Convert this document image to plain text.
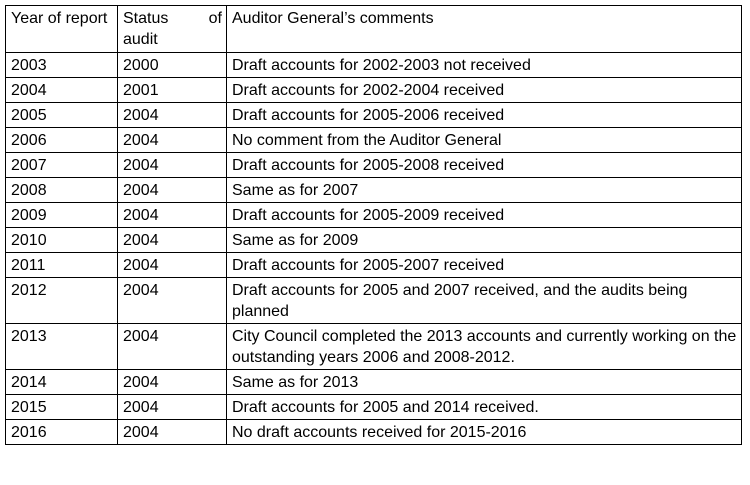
Year of report	Status of audit	Auditor General’s comments
2003	2000	Draft accounts for 2002-2003 not received
2004	2001	Draft accounts for 2002-2004 received
2005	2004	Draft accounts for 2005-2006 received
2006	2004	No comment from the Auditor General
2007	2004	Draft accounts for 2005-2008 received
2008	2004	Same as for 2007
2009	2004	Draft accounts for 2005-2009 received
2010	2004	Same as for 2009
2011	2004	Draft accounts for 2005-2007 received
2012	2004	Draft accounts for 2005 and 2007 received, and the audits being planned
2013	2004	City Council completed the 2013 accounts and currently working on the outstanding years 2006 and 2008-2012.
2014	2004	Same as for 2013
2015	2004	Draft accounts for 2005 and 2014 received.
2016	2004	No draft accounts received for 2015-2016
